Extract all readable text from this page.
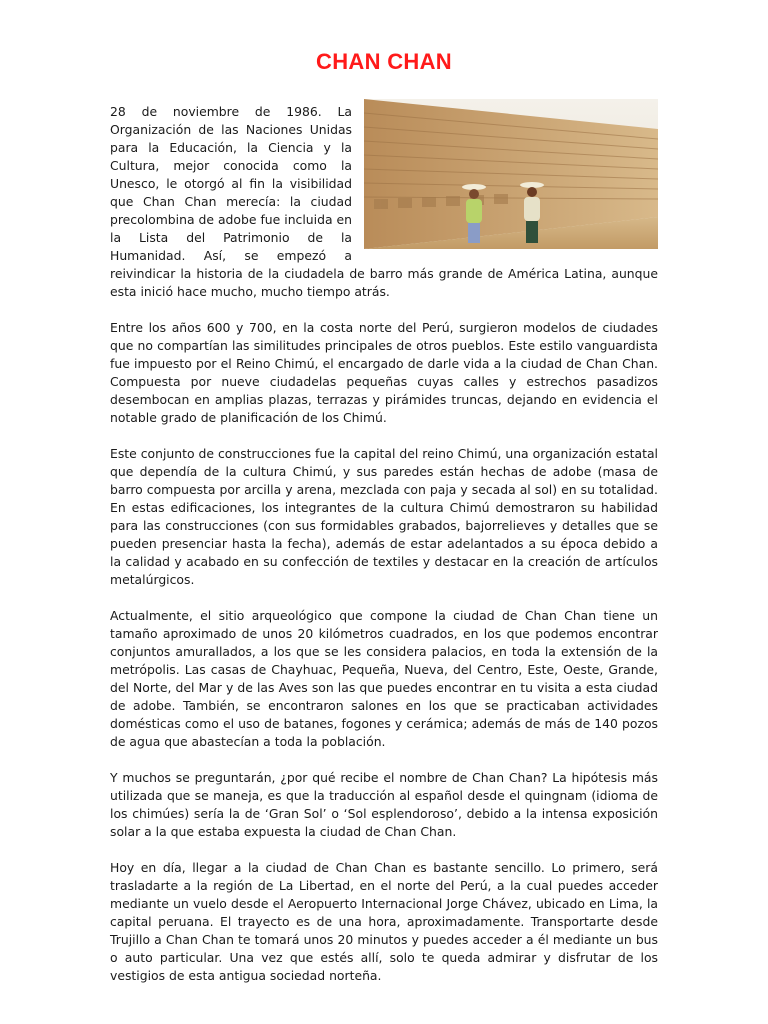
CHAN CHAN

28 de noviembre de 1986. La Organización de las Naciones Unidas para la Educación, la Ciencia y la Cultura, mejor conocida como la Unesco, le otorgó al fin la visibilidad que Chan Chan merecía: la ciudad precolombina de adobe fue incluida en la Lista del Patrimonio de la Humanidad. Así, se empezó a reivindicar la historia de la ciudadela de barro más grande de América Latina, aunque esta inició hace mucho, mucho tiempo atrás.

Entre los años 600 y 700, en la costa norte del Perú, surgieron modelos de ciudades que no compartían las similitudes principales de otros pueblos. Este estilo vanguardista fue impuesto por el Reino Chimú, el encargado de darle vida a la ciudad de Chan Chan. Compuesta por nueve ciudadelas pequeñas cuyas calles y estrechos pasadizos desembocan en amplias plazas, terrazas y pirámides truncas, dejando en evidencia el notable grado de planificación de los Chimú.

Este conjunto de construcciones fue la capital del reino Chimú, una organización estatal que dependía de la cultura Chimú, y sus paredes están hechas de adobe (masa de barro compuesta por arcilla y arena, mezclada con paja y secada al sol) en su totalidad. En estas edificaciones, los integrantes de la cultura Chimú demostraron su habilidad para las construcciones (con sus formidables grabados, bajorrelieves y detalles que se pueden presenciar hasta la fecha), además de estar adelantados a su época debido a la calidad y acabado en su confección de textiles y destacar en la creación de artículos metalúrgicos.

Actualmente, el sitio arqueológico que compone la ciudad de Chan Chan tiene un tamaño aproximado de unos 20 kilómetros cuadrados, en los que podemos encontrar conjuntos amurallados, a los que se les considera palacios, en toda la extensión de la metrópolis. Las casas de Chayhuac, Pequeña, Nueva, del Centro, Este, Oeste, Grande, del Norte, del Mar y de las Aves son las que puedes encontrar en tu visita a esta ciudad de adobe. También, se encontraron salones en los que se practicaban actividades domésticas como el uso de batanes, fogones y cerámica; además de más de 140 pozos de agua que abastecían a toda la población.

Y muchos se preguntarán, ¿por qué recibe el nombre de Chan Chan? La hipótesis más utilizada que se maneja, es que la traducción al español desde el quingnam (idioma de los chimúes) sería la de ‘Gran Sol’ o ‘Sol esplendoroso’, debido a la intensa exposición solar a la que estaba expuesta la ciudad de Chan Chan.

Hoy en día, llegar a la ciudad de Chan Chan es bastante sencillo. Lo primero, será trasladarte a la región de La Libertad, en el norte del Perú, a la cual puedes acceder mediante un vuelo desde el Aeropuerto Internacional Jorge Chávez, ubicado en Lima, la capital peruana. El trayecto es de una hora, aproximadamente. Transportarte desde Trujillo a Chan Chan te tomará unos 20 minutos y puedes acceder a él mediante un bus o auto particular. Una vez que estés allí, solo te queda admirar y disfrutar de los vestigios de esta antigua sociedad norteña.
